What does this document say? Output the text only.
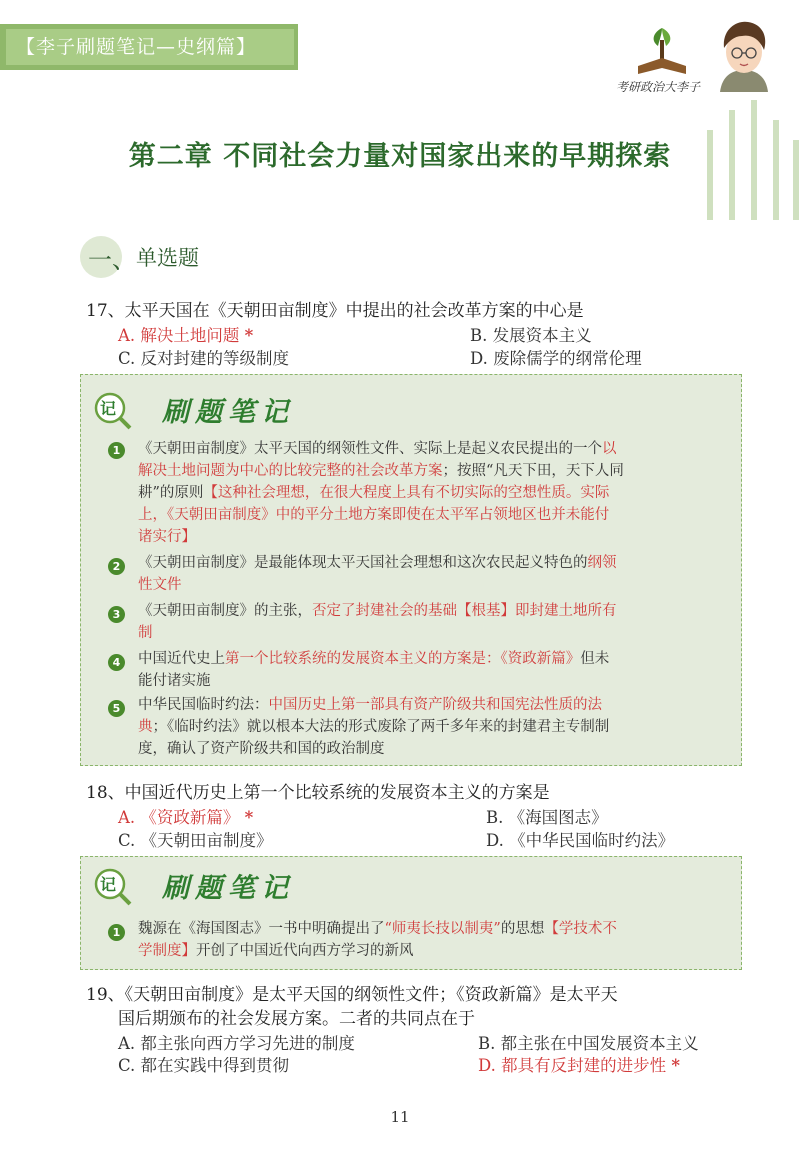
【李子刷题笔记—史纲篇】
考研政治大李子
第二章 不同社会力量对国家出来的早期探索
一、 单选题
17、太平天国在《天朝田亩制度》中提出的社会改革方案的中心是
A. 解决土地问题 *	B. 发展资本主义
C. 反对封建的等级制度	D. 废除儒学的纲常伦理
记 刷题笔记
1	《天朝田亩制度》太平天国的纲领性文件、实际上是起义农民提出的一个以
解决土地问题为中心的比较完整的社会改革方案；按照“凡天下田，天下人同
耕”的原则【这种社会理想，在很大程度上具有不切实际的空想性质。实际
上，《天朝田亩制度》中的平分土地方案即使在太平军占领地区也并未能付
诸实行】
2	《天朝田亩制度》是最能体现太平天国社会理想和这次农民起义特色的纲领
性文件
3	《天朝田亩制度》的主张，否定了封建社会的基础【根基】即封建土地所有
制
4	中国近代史上第一个比较系统的发展资本主义的方案是：《资政新篇》但未
能付诸实施
5	中华民国临时约法：中国历史上第一部具有资产阶级共和国宪法性质的法
典；《临时约法》就以根本大法的形式废除了两千多年来的封建君主专制制
度，确认了资产阶级共和国的政治制度
18、中国近代历史上第一个比较系统的发展资本主义的方案是
A. 《资政新篇》 *	B. 《海国图志》
C. 《天朝田亩制度》	D. 《中华民国临时约法》
记 刷题笔记
1	魏源在《海国图志》一书中明确提出了“师夷长技以制夷”的思想【学技术不
学制度】开创了中国近代向西方学习的新风
19、《天朝田亩制度》是太平天国的纲领性文件；《资政新篇》是太平天
国后期颁布的社会发展方案。二者的共同点在于
A. 都主张向西方学习先进的制度	B. 都主张在中国发展资本主义
C. 都在实践中得到贯彻	D. 都具有反封建的进步性 *
11
